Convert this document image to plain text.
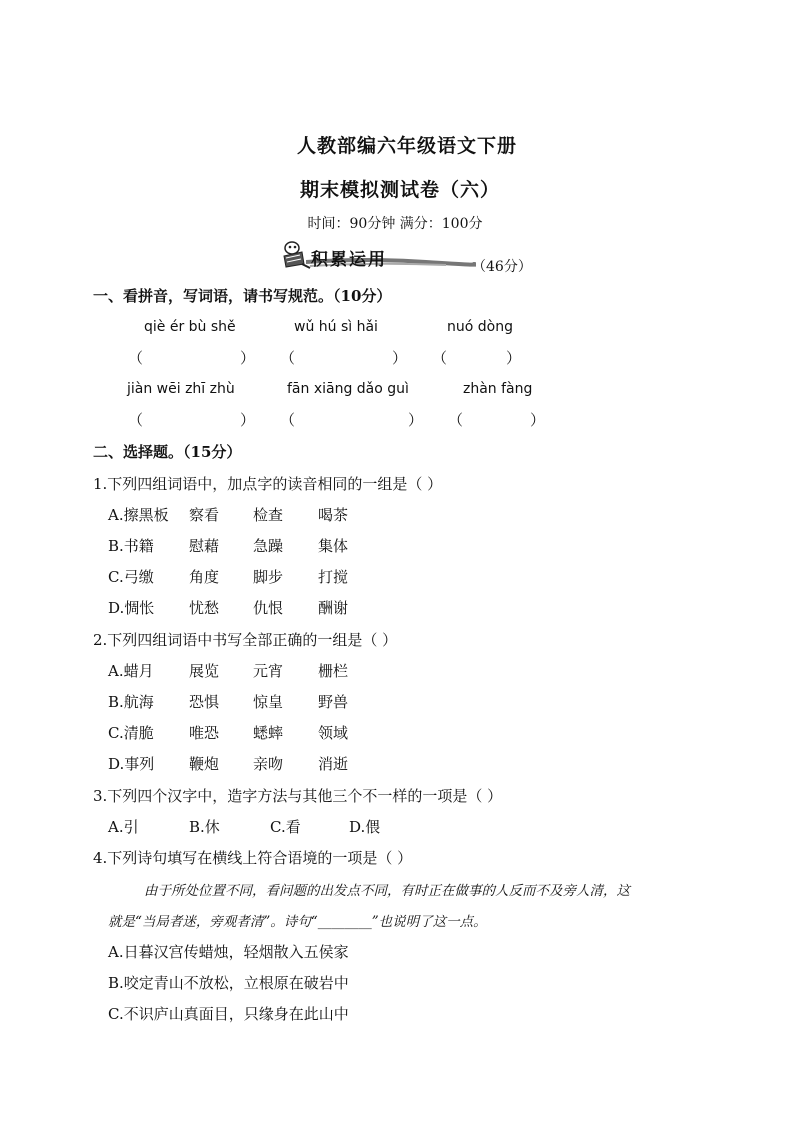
人教部编六年级语文下册
期末模拟测试卷（六）
时间：90分钟 满分：100分
积累运用	（46分）
一、看拼音，写词语，请书写规范。（10分）
qiè ér bù shě	wǔ hú sì hǎi	nuó dòng
（	） （	） （	）
jiàn wēi zhī zhù	fān xiāng dǎo guì	zhàn fàng
（	） （	） （	）
二、选择题。（15分）
1.下列四组词语中，加点字的读音相同的一组是（ ）
A.擦黑板 察看 检查 喝茶
B.书籍 慰藉 急躁 集体
C.弓缴 角度 脚步 打搅
D.惆怅 忧愁 仇恨 酬谢
2.下列四组词语中书写全部正确的一组是（ ）
A.蜡月 展览 元宵 栅栏
B.航海 恐惧 惊皇 野兽
C.清脆 唯恐 蟋蟀 领域
D.事列 鞭炮 亲吻 消逝
3.下列四个汉字中，造字方法与其他三个不一样的一项是（ ）
A.引	B.休	C.看	D.偎
4.下列诗句填写在横线上符合语境的一项是（ ）
由于所处位置不同，看问题的出发点不同，有时正在做事的人反而不及旁人清，这
就是“当局者迷，旁观者清”。诗句“________”也说明了这一点。
A.日暮汉宫传蜡烛，轻烟散入五侯家
B.咬定青山不放松，立根原在破岩中
C.不识庐山真面目，只缘身在此山中
